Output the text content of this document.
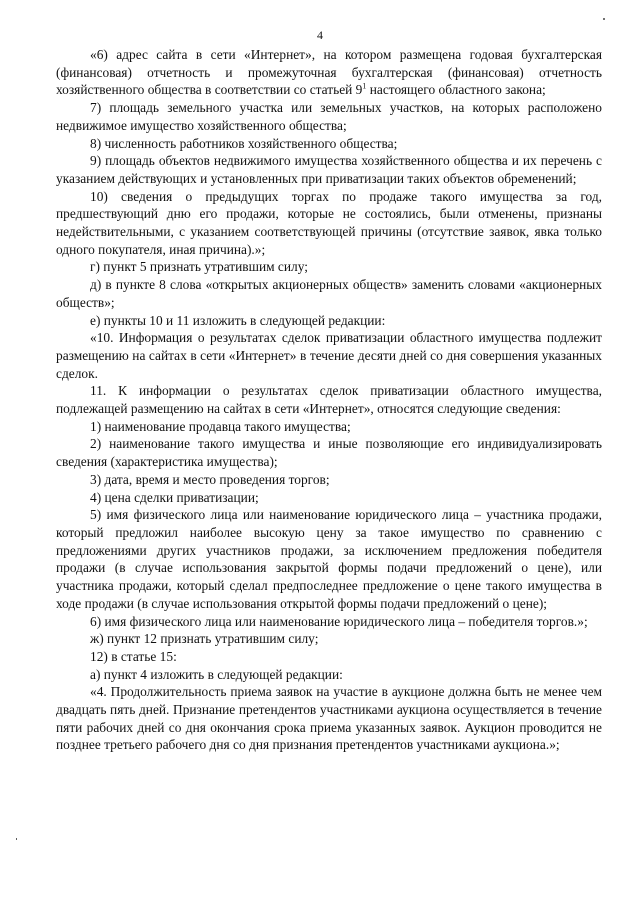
4

«6) адрес сайта в сети «Интернет», на котором размещена годовая бухгалтерская (финансовая) отчетность и промежуточная бухгалтерская (финансовая) отчетность хозяйственного общества в соответствии со статьей $9^1$ настоящего областного закона;

7) площадь земельного участка или земельных участков, на которых расположено недвижимое имущество хозяйственного общества;

8) численность работников хозяйственного общества;

9) площадь объектов недвижимого имущества хозяйственного общества и их перечень с указанием действующих и установленных при приватизации таких объектов обременений;

10) сведения о предыдущих торгах по продаже такого имущества за год, предшествующий дню его продажи, которые не состоялись, были отменены, признаны недействительными, с указанием соответствующей причины (отсутствие заявок, явка только одного покупателя, иная причина).»;

г) пункт 5 признать утратившим силу;

д) в пункте 8 слова «открытых акционерных обществ» заменить словами «акционерных обществ»;

е) пункты 10 и 11 изложить в следующей редакции:

«10. Информация о результатах сделок приватизации областного имущества подлежит размещению на сайтах в сети «Интернет» в течение десяти дней со дня совершения указанных сделок.

11. К информации о результатах сделок приватизации областного имущества, подлежащей размещению на сайтах в сети «Интернет», относятся следующие сведения:

1) наименование продавца такого имущества;

2) наименование такого имущества и иные позволяющие его индивидуализировать сведения (характеристика имущества);

3) дата, время и место проведения торгов;

4) цена сделки приватизации;

5) имя физического лица или наименование юридического лица – участника продажи, который предложил наиболее высокую цену за такое имущество по сравнению с предложениями других участников продажи, за исключением предложения победителя продажи (в случае использования закрытой формы подачи предложений о цене), или участника продажи, который сделал предпоследнее предложение о цене такого имущества в ходе продажи (в случае использования открытой формы подачи предложений о цене);

6) имя физического лица или наименование юридического лица – победителя торгов.»;

ж) пункт 12 признать утратившим силу;

12) в статье 15:

а) пункт 4 изложить в следующей редакции:

«4. Продолжительность приема заявок на участие в аукционе должна быть не менее чем двадцать пять дней. Признание претендентов участниками аукциона осуществляется в течение пяти рабочих дней со дня окончания срока приема указанных заявок. Аукцион проводится не позднее третьего рабочего дня со дня признания претендентов участниками аукциона.»;
